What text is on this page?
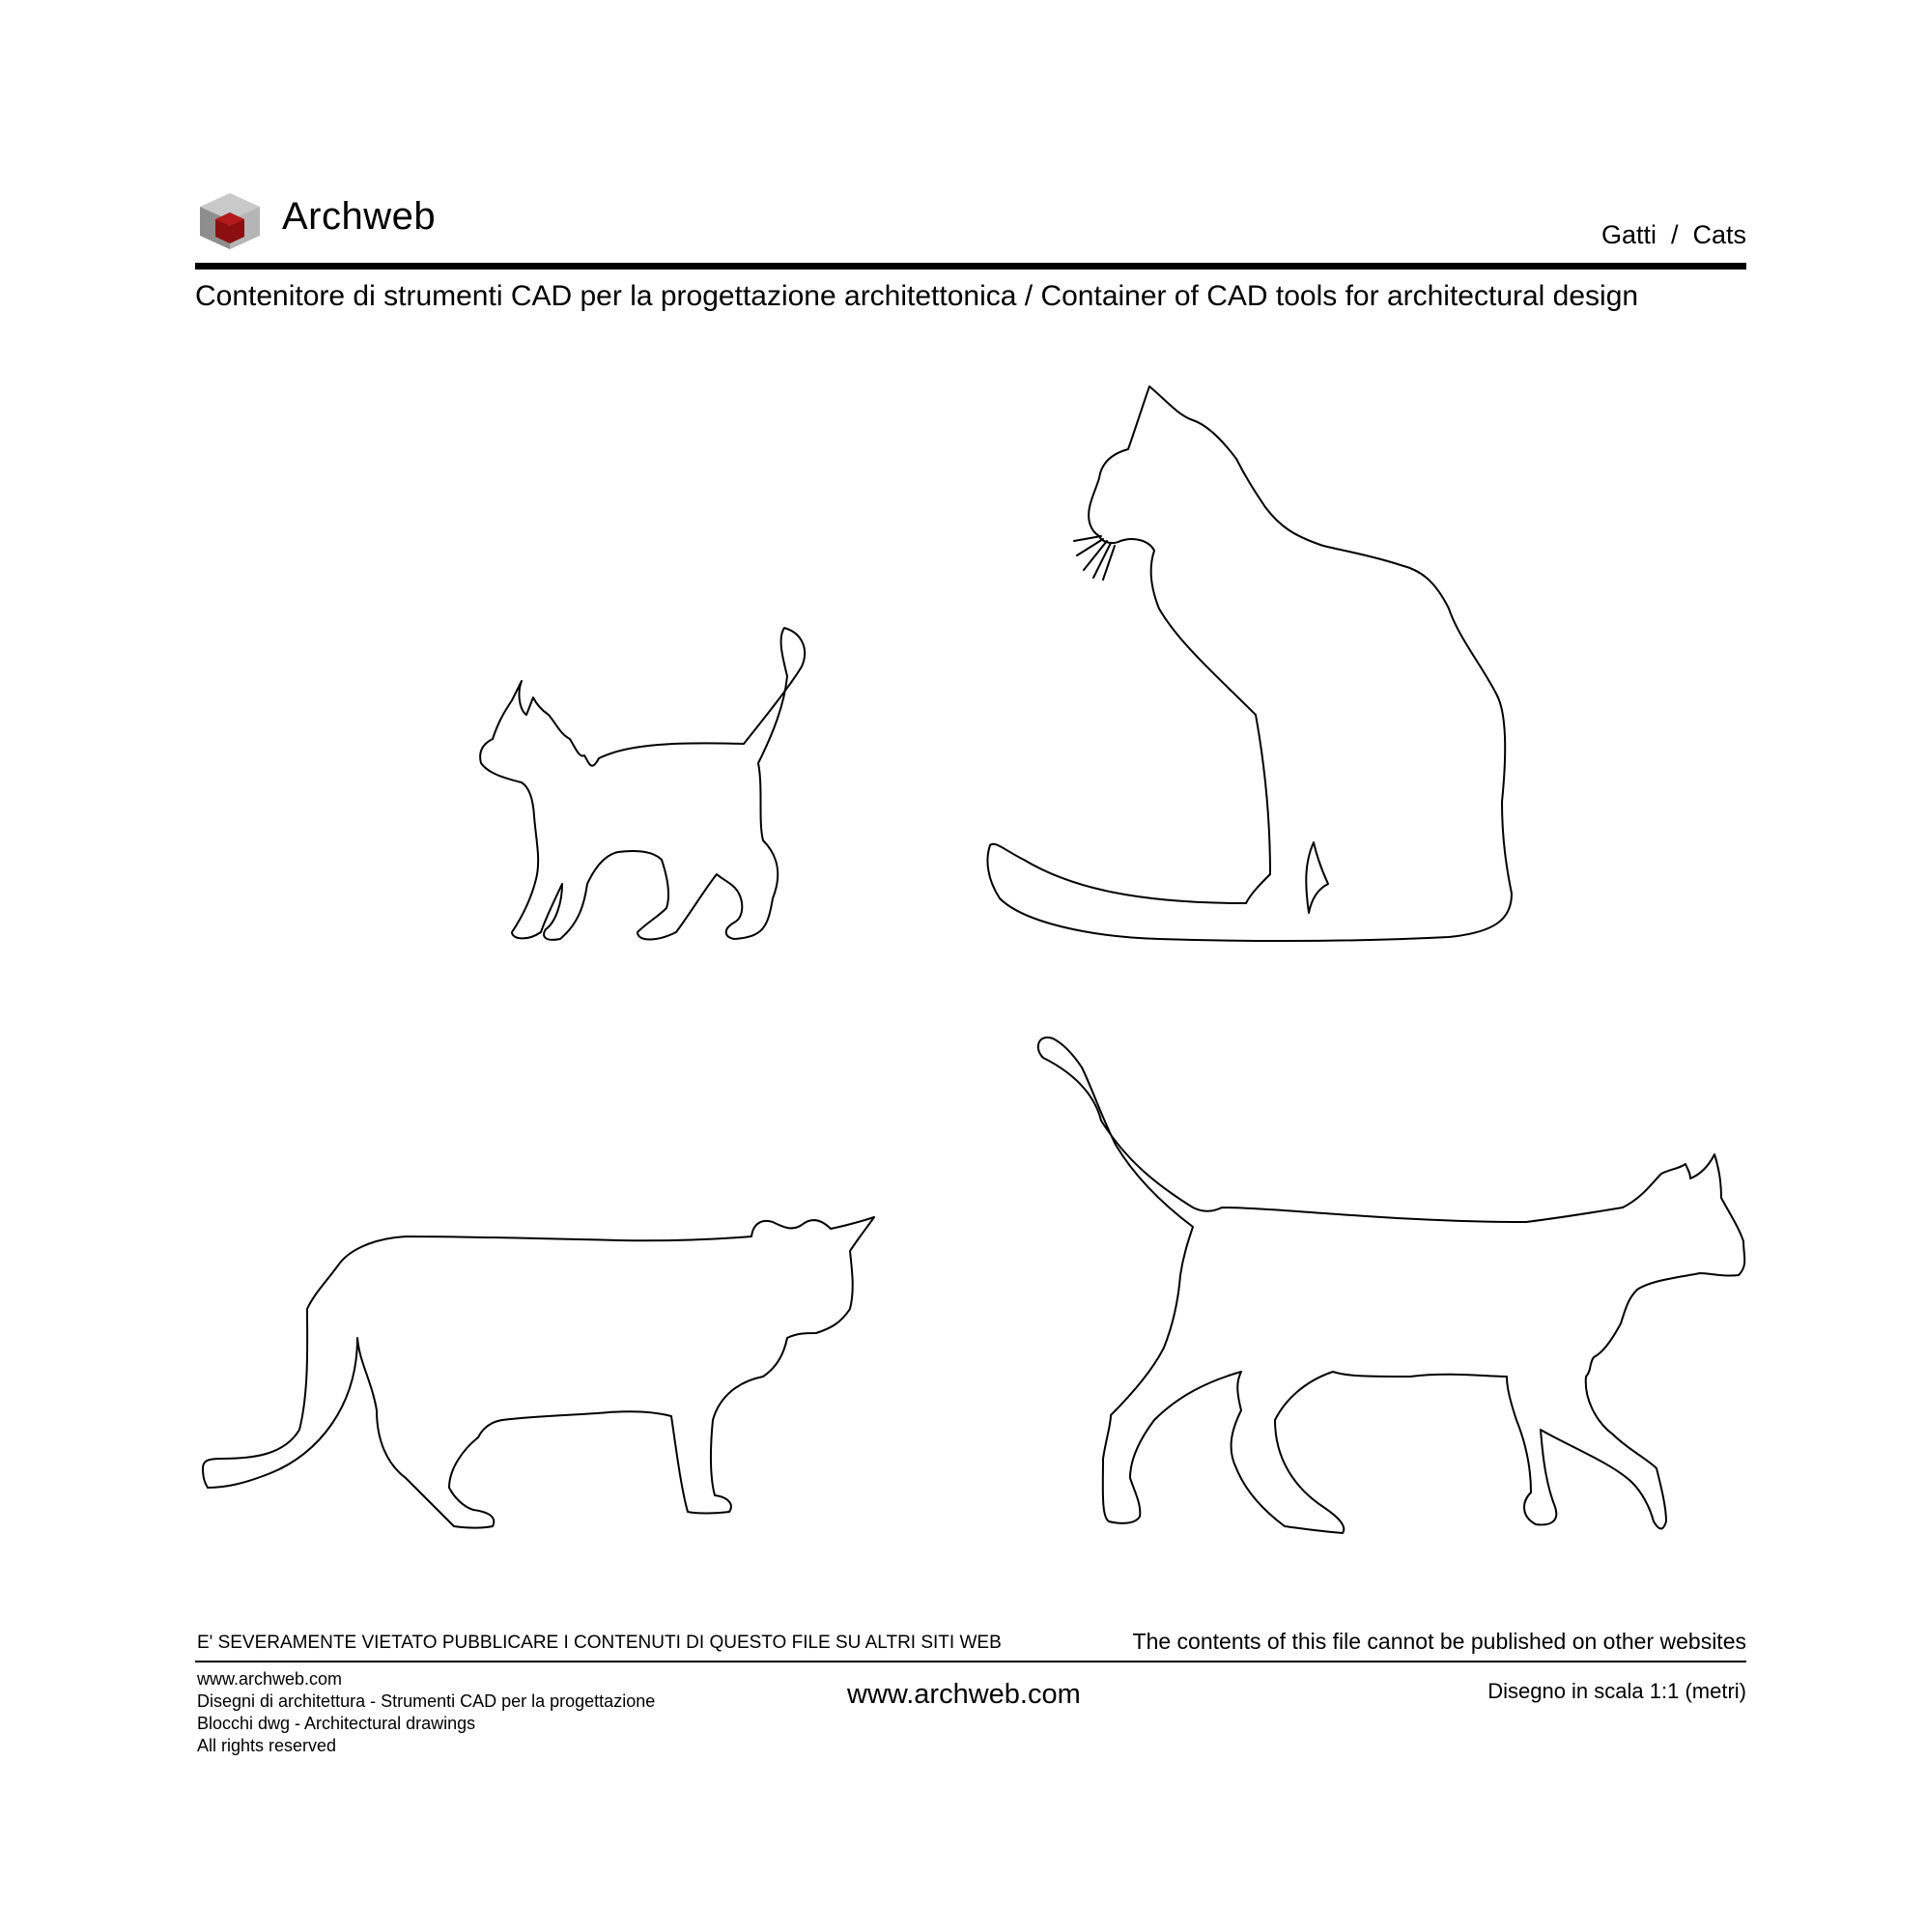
Archweb	Gatti  /  Cats
Contenitore di strumenti CAD per la progettazione architettonica / Container of CAD tools for architectural design
E' SEVERAMENTE VIETATO PUBBLICARE I CONTENUTI DI QUESTO FILE SU ALTRI SITI WEB	The contents of this file cannot be published on other websites
www.archweb.com
Disegni di architettura - Strumenti CAD per la progettazione
Blocchi dwg - Architectural drawings
All rights reserved
www.archweb.com	Disegno in scala 1:1 (metri)
